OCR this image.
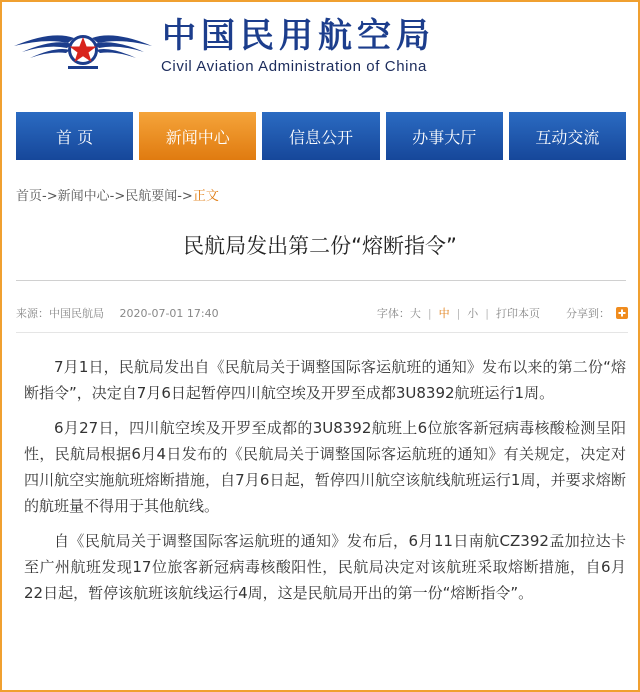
中国民用航空局
Civil Aviation Administration of China
首 页	新闻中心	信息公开	办事大厅	互动交流
首页->新闻中心->民航要闻->正文
民航局发出第二份“熔断指令”
来源：中国民航局 2020-07-01 17:40	字体： 大 | 中 | 小 | 打印本页 分享到：

7月1日，民航局发出自《民航局关于调整国际客运航班的通知》发布以来的第二份“熔断指令”，决定自7月6日起暂停四川航空埃及开罗至成都3U8392航班运行1周。

6月27日，四川航空埃及开罗至成都的3U8392航班上6位旅客新冠病毒核酸检测呈阳性，民航局根据6月4日发布的《民航局关于调整国际客运航班的通知》有关规定，决定对四川航空实施航班熔断措施，自7月6日起，暂停四川航空该航线航班运行1周，并要求熔断的航班量不得用于其他航线。

自《民航局关于调整国际客运航班的通知》发布后，6月11日南航CZ392孟加拉达卡至广州航班发现17位旅客新冠病毒核酸阳性，民航局决定对该航班采取熔断措施，自6月22日起，暂停该航班该航线运行4周，这是民航局开出的第一份“熔断指令”。
